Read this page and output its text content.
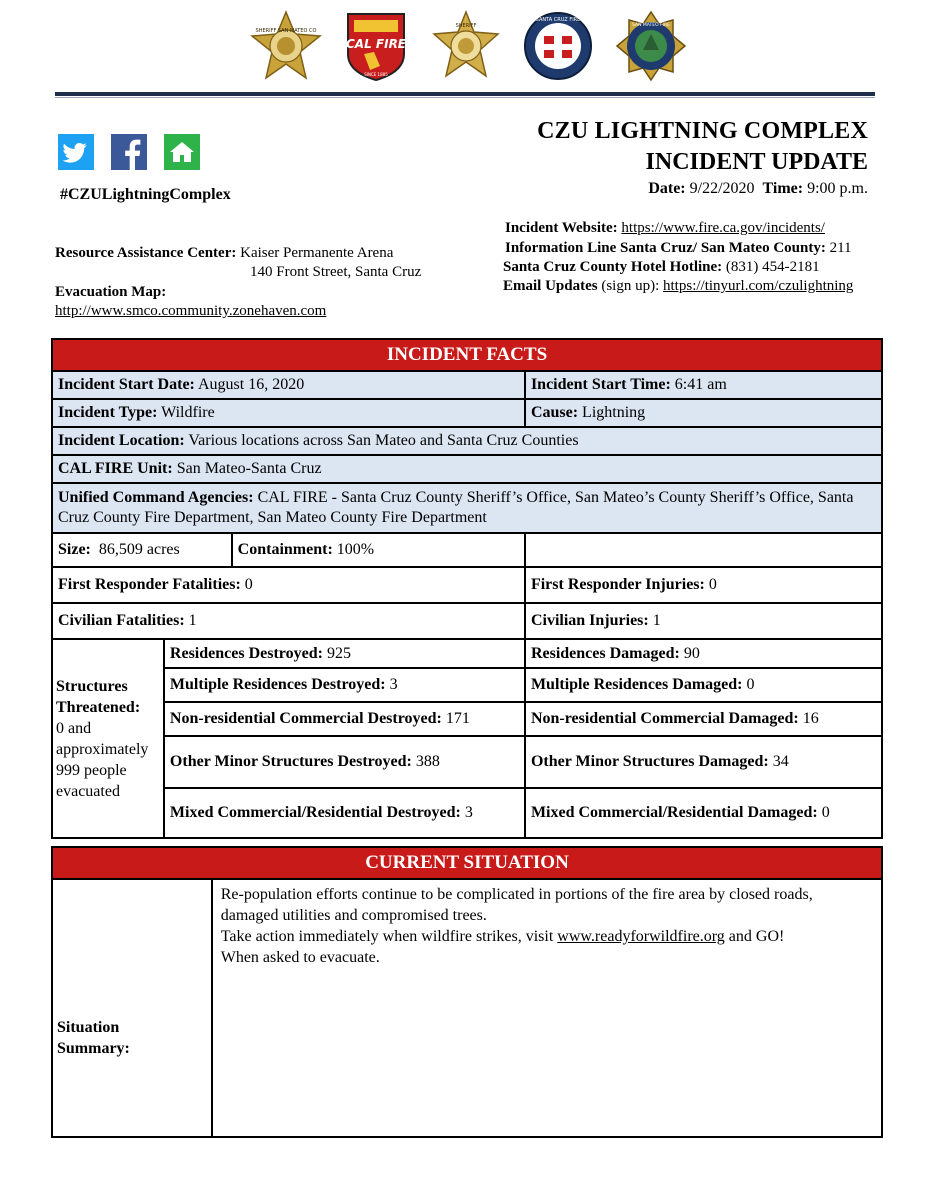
SHERIFF SAN MATEO CO
CAL FIRE
SINCE 1885
SHERIFF
SANTA CRUZ FIRE
SAN MATEO FIRE
#CZULightningComplex
CZU LIGHTNING COMPLEX
INCIDENT UPDATE
Date: 9/22/2020 Time: 9:00 p.m.
Resource Assistance Center: Kaiser Permanente Arena
140 Front Street, Santa Cruz
Evacuation Map:
http://www.smco.community.zonehaven.com
Incident Website: https://www.fire.ca.gov/incidents/
Information Line Santa Cruz/ San Mateo County: 211
Santa Cruz County Hotel Hotline: (831) 454-2181
Email Updates (sign up): https://tinyurl.com/czulightning
INCIDENT FACTS			
Incident Start Date: August 16, 2020			Incident Start Time: 6:41 am
Incident Type: Wildfire			Cause: Lightning
Incident Location: Various locations across San Mateo and Santa Cruz Counties			
CAL FIRE Unit: San Mateo-Santa Cruz			
Unified Command Agencies: CAL FIRE - Santa Cruz County Sheriff’s Office, San Mateo’s County Sheriff’s Office, Santa Cruz County Fire Department, San Mateo County Fire Department			
Size: 86,509 acres		Containment: 100%	
First Responder Fatalities: 0			First Responder Injuries: 0
Civilian Fatalities: 1			Civilian Injuries: 1
Structures
Threatened:
0 and approximately 999 people evacuated	Residences Destroyed: 925		Residences Damaged: 90
	Multiple Residences Destroyed: 3		Multiple Residences Damaged: 0
	Non-residential Commercial Destroyed: 171		Non-residential Commercial Damaged: 16
	Other Minor Structures Destroyed: 388		Other Minor Structures Damaged: 34
	Mixed Commercial/Residential Destroyed: 3		Mixed Commercial/Residential Damaged: 0
CURRENT SITUATION
Situation
Summary:	
Re-population efforts continue to be complicated in portions of the fire area by closed roads, damaged utilities and compromised trees.
Take action immediately when wildfire strikes, visit www.readyforwildfire.org and GO!
When asked to evacuate.
